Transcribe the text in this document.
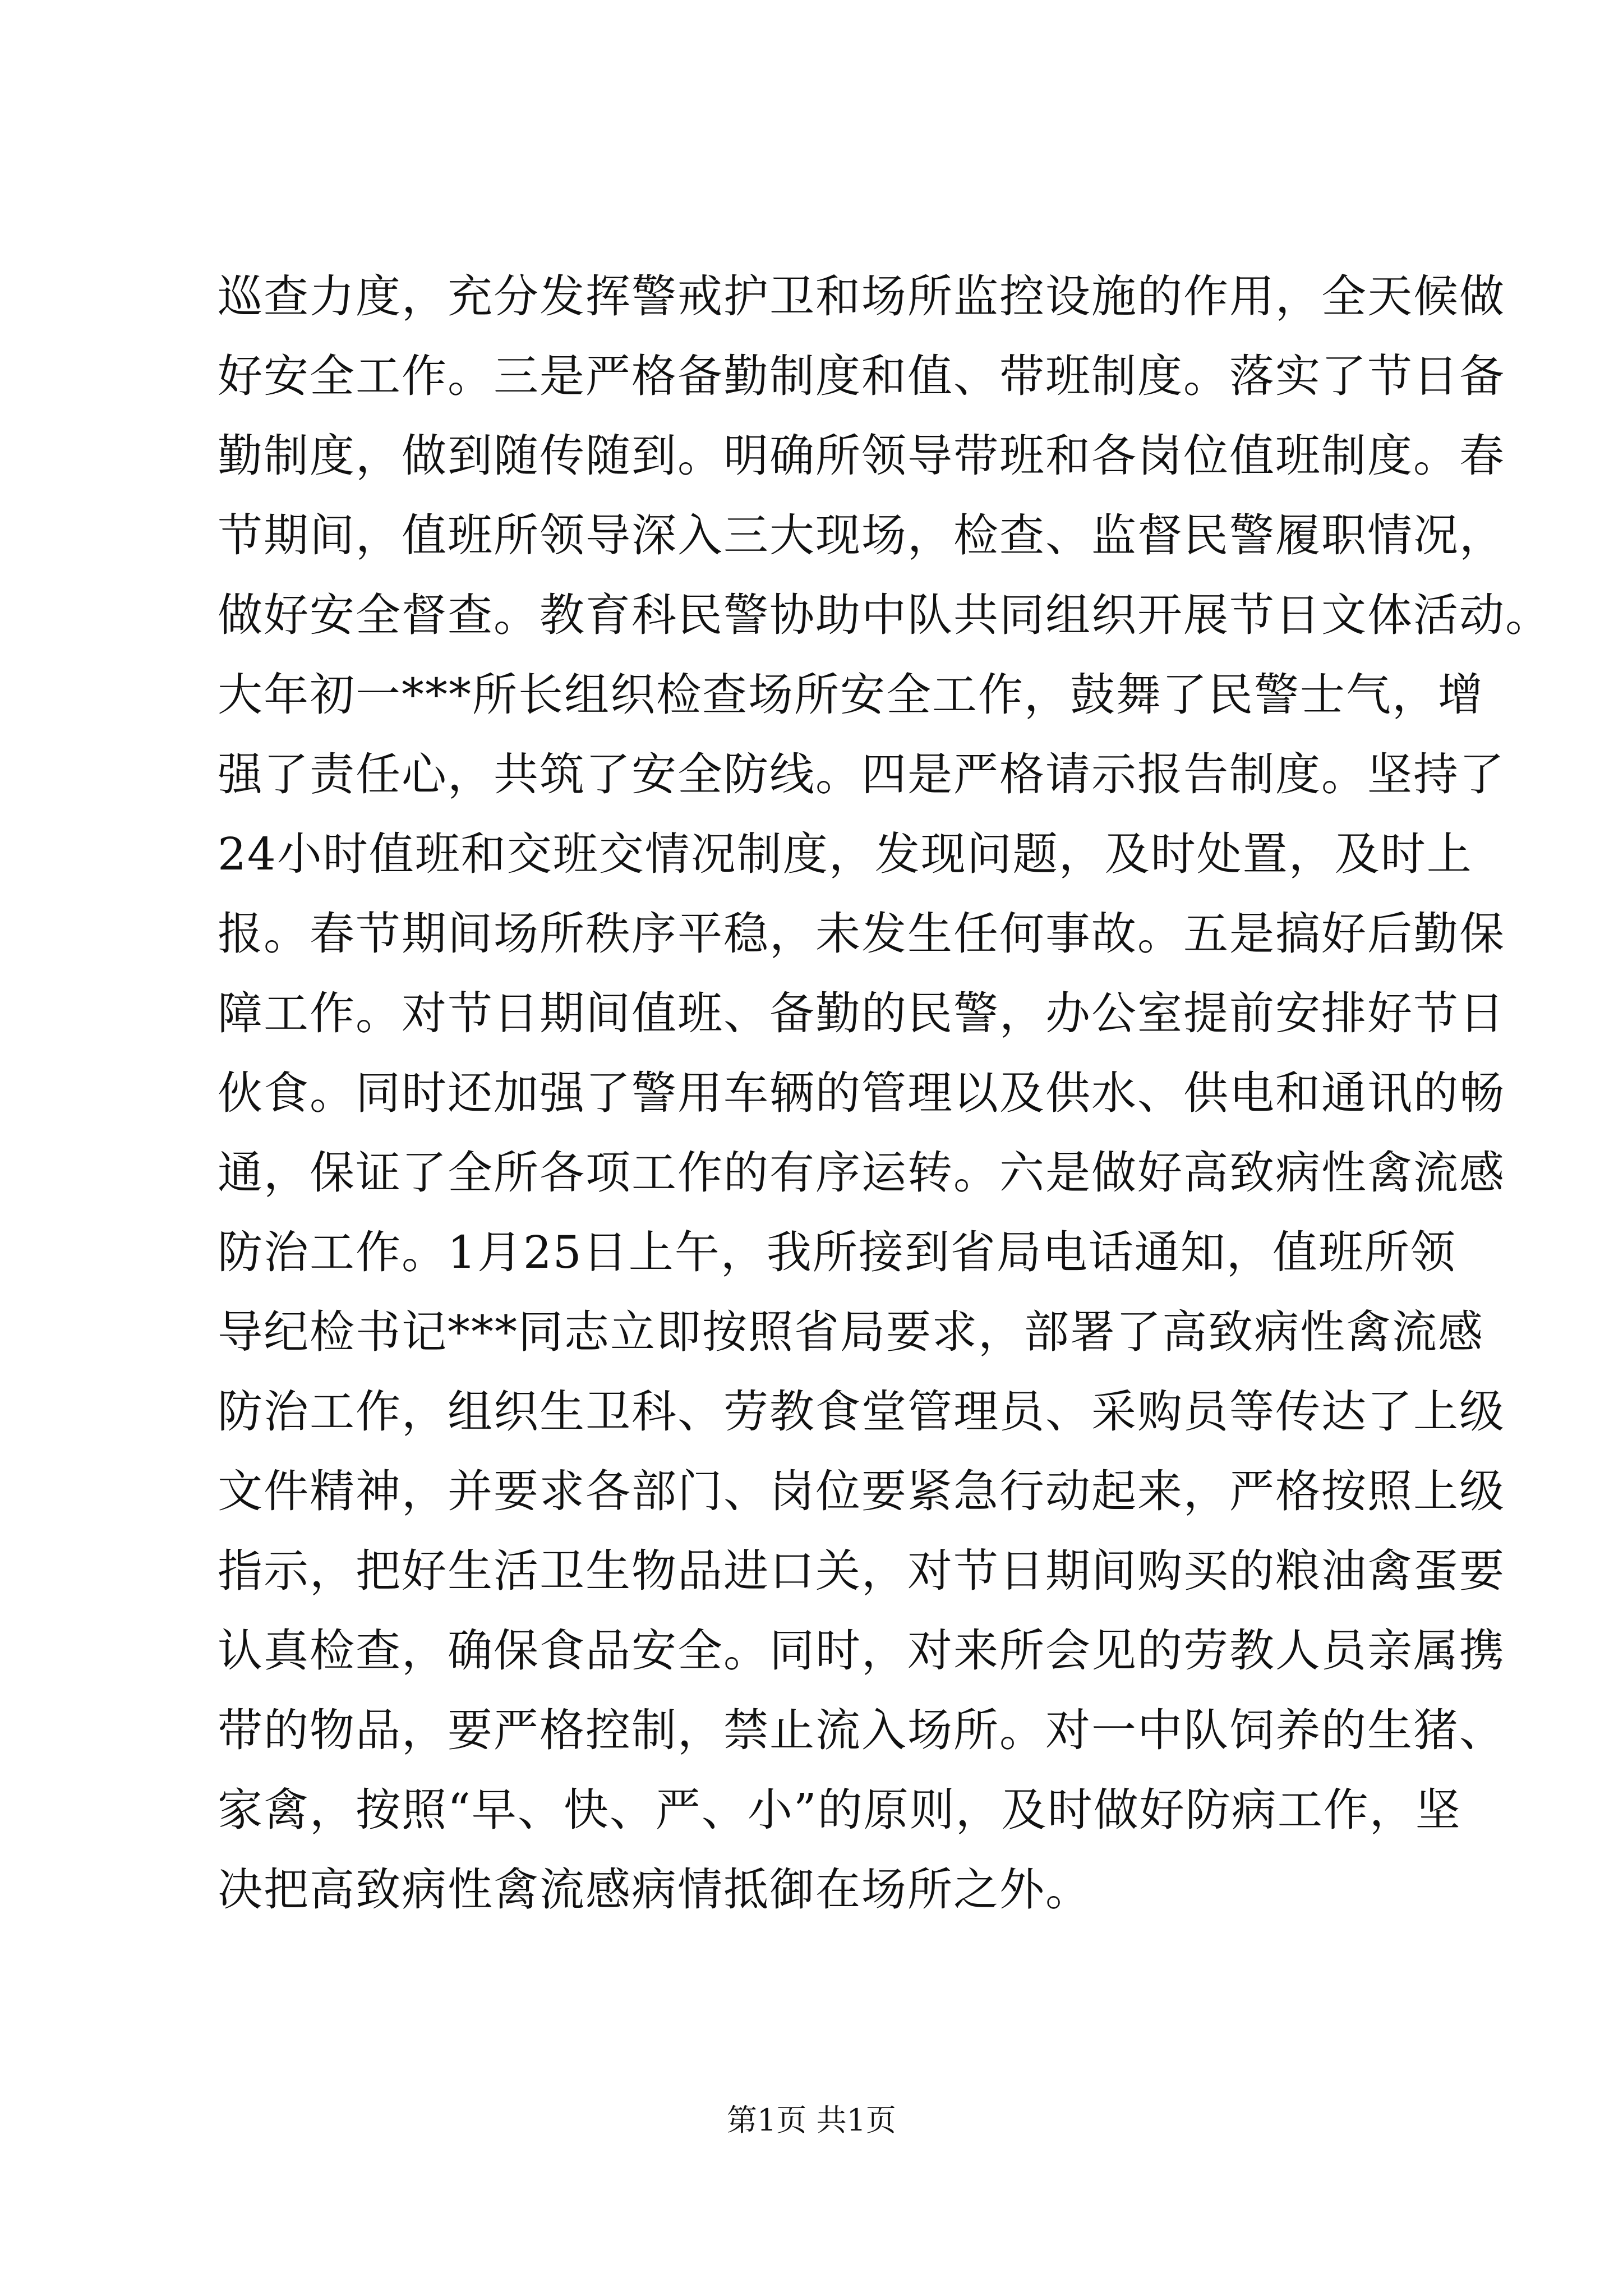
巡查力度，充分发挥警戒护卫和场所监控设施的作用，全天候做
好安全工作。三是严格备勤制度和值、带班制度。落实了节日备
勤制度，做到随传随到。明确所领导带班和各岗位值班制度。春
节期间，值班所领导深入三大现场，检查、监督民警履职情况，
做好安全督查。教育科民警协助中队共同组织开展节日文体活动。
大年初一***所长组织检查场所安全工作，鼓舞了民警士气，增
强了责任心，共筑了安全防线。四是严格请示报告制度。坚持了
24小时值班和交班交情况制度，发现问题，及时处置，及时上
报。春节期间场所秩序平稳，未发生任何事故。五是搞好后勤保
障工作。对节日期间值班、备勤的民警，办公室提前安排好节日
伙食。同时还加强了警用车辆的管理以及供水、供电和通讯的畅
通，保证了全所各项工作的有序运转。六是做好高致病性禽流感
防治工作。1月25日上午，我所接到省局电话通知，值班所领
导纪检书记***同志立即按照省局要求，部署了高致病性禽流感
防治工作，组织生卫科、劳教食堂管理员、采购员等传达了上级
文件精神，并要求各部门、岗位要紧急行动起来，严格按照上级
指示，把好生活卫生物品进口关，对节日期间购买的粮油禽蛋要
认真检查，确保食品安全。同时，对来所会见的劳教人员亲属携
带的物品，要严格控制，禁止流入场所。对一中队饲养的生猪、
家禽，按照“早、快、严、小”的原则，及时做好防病工作，坚
决把高致病性禽流感病情抵御在场所之外。
第1页 共1页
